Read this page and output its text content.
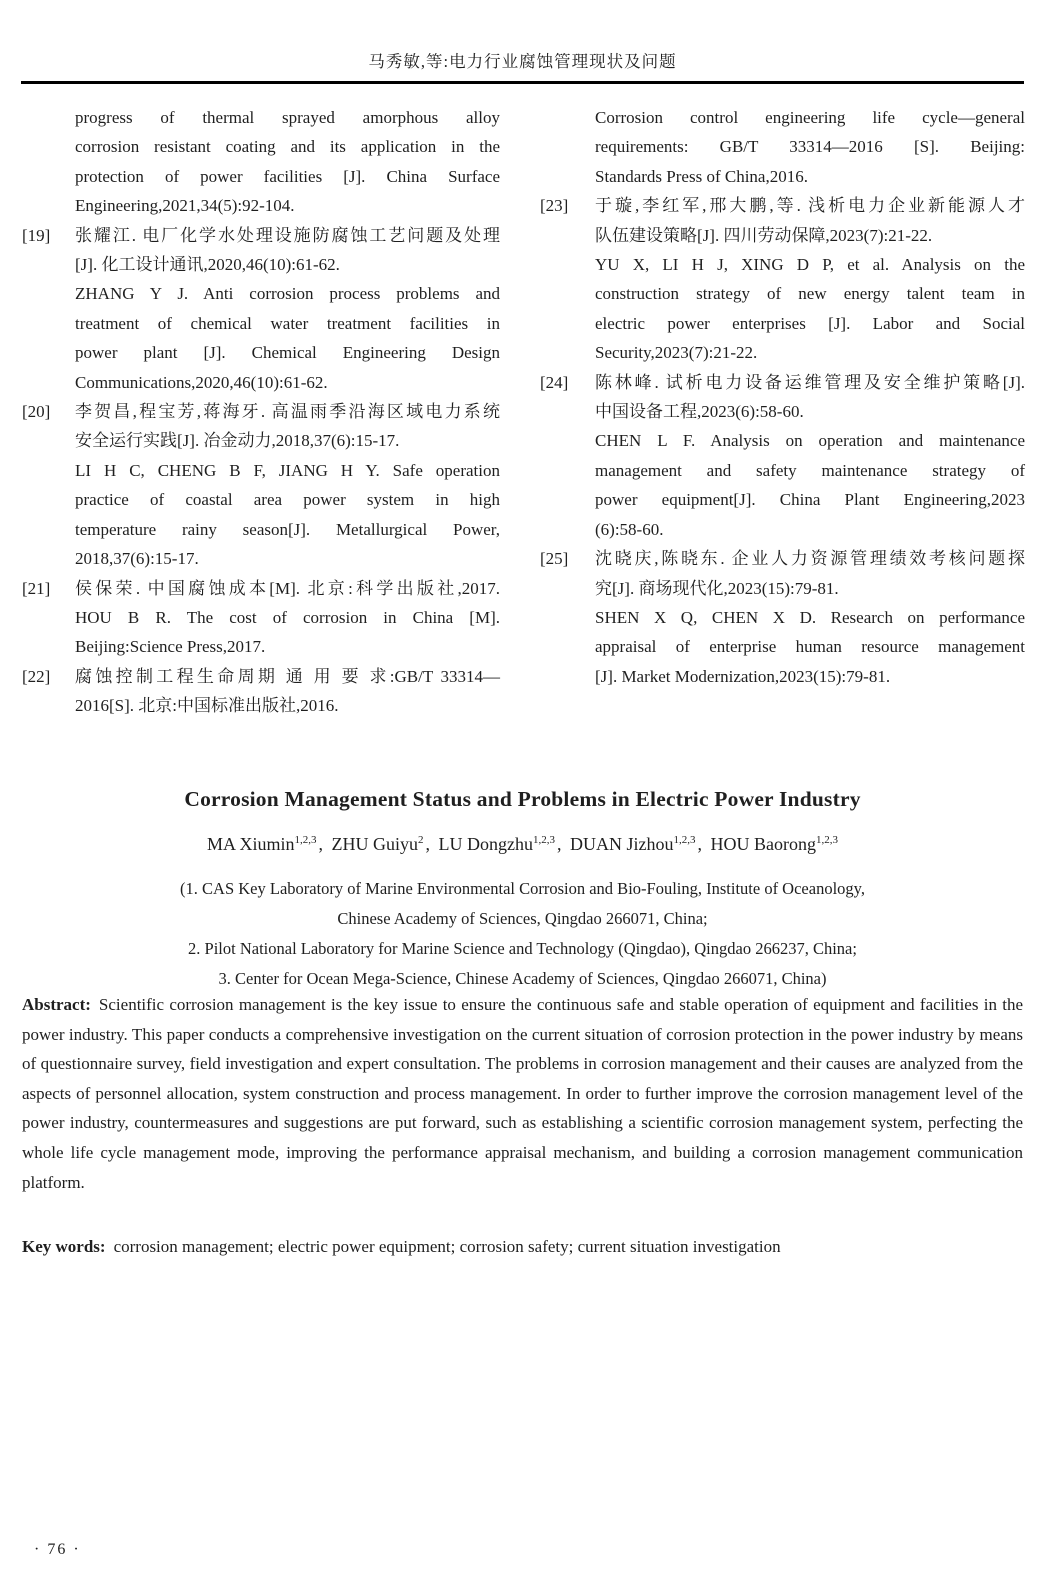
马秀敏,等:电力行业腐蚀管理现状及问题
progress of thermal sprayed amorphous alloy
corrosion resistant coating and its application in the
protection of power facilities [J]. China Surface
Engineering,2021,34(5):92-104.
[19] 张耀江. 电厂化学水处理设施防腐蚀工艺问题及处理
[J]. 化工设计通讯,2020,46(10):61-62.
ZHANG Y J. Anti corrosion process problems and
treatment of chemical water treatment facilities in
power plant [J]. Chemical Engineering Design
Communications,2020,46(10):61-62.
[20] 李贺昌,程宝芳,蒋海牙. 高温雨季沿海区域电力系统
安全运行实践[J]. 冶金动力,2018,37(6):15-17.
LI H C, CHENG B F, JIANG H Y. Safe operation
practice of coastal area power system in high
temperature rainy season[J]. Metallurgical Power,
2018,37(6):15-17.
[21] 侯保荣. 中国腐蚀成本[M]. 北京:科学出版社,2017.
HOU B R. The cost of corrosion in China [M].
Beijing:Science Press,2017.
[22] 腐蚀控制工程生命周期 通 用 要 求:GB/T 33314—
2016[S]. 北京:中国标准出版社,2016.
Corrosion control engineering life cycle—general
requirements: GB/T 33314—2016 [S]. Beijing:
Standards Press of China,2016.
[23] 于璇,李红军,邢大鹏,等. 浅析电力企业新能源人才
队伍建设策略[J]. 四川劳动保障,2023(7):21-22.
YU X, LI H J, XING D P, et al. Analysis on the
construction strategy of new energy talent team in
electric power enterprises [J]. Labor and Social
Security,2023(7):21-22.
[24] 陈林峰. 试析电力设备运维管理及安全维护策略[J].
中国设备工程,2023(6):58-60.
CHEN L F. Analysis on operation and maintenance
management and safety maintenance strategy of
power equipment[J]. China Plant Engineering,2023
(6):58-60.
[25] 沈晓庆,陈晓东. 企业人力资源管理绩效考核问题探
究[J]. 商场现代化,2023(15):79-81.
SHEN X Q, CHEN X D. Research on performance
appraisal of enterprise human resource management
[J]. Market Modernization,2023(15):79-81.
Corrosion Management Status and Problems in Electric Power Industry
MA Xiumin$^{1,2,3}$ , ZHU Guiyu$^2$ , LU Dongzhu$^{1,2,3}$ , DUAN Jizhou$^{1,2,3}$ , HOU Baorong$^{1,2,3}$
(1. CAS Key Laboratory of Marine Environmental Corrosion and Bio-Fouling, Institute of Oceanology,
Chinese Academy of Sciences, Qingdao 266071, China;
2. Pilot National Laboratory for Marine Science and Technology (Qingdao), Qingdao 266237, China;
3. Center for Ocean Mega-Science, Chinese Academy of Sciences, Qingdao 266071, China)

Abstract: Scientific corrosion management is the key issue to ensure the continuous safe and stable operation of equipment and facilities in the power industry. This paper conducts a comprehensive investigation on the current situation of corrosion protection in the power industry by means of questionnaire survey, field investigation and expert consultation. The problems in corrosion management and their causes are analyzed from the aspects of personnel allocation, system construction and process management. In order to further improve the corrosion management level of the power industry, countermeasures and suggestions are put forward, such as establishing a scientific corrosion management system, perfecting the whole life cycle management mode, improving the performance appraisal mechanism, and building a corrosion management communication platform.

Key words: corrosion management; electric power equipment; corrosion safety; current situation investigation

· 76 ·
